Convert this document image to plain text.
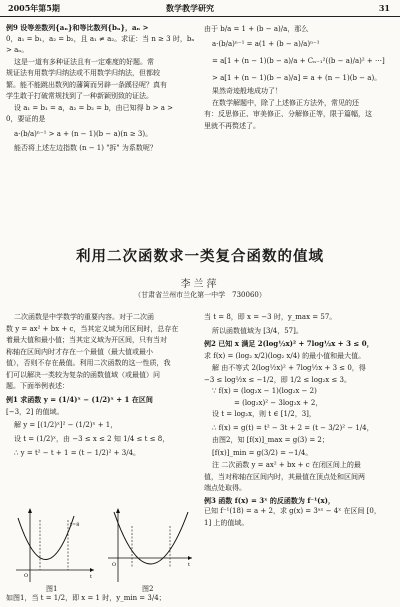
2005年第5期	数学教学研究	31

例9 设等差数列{aₙ}和等比数列{bₙ}，aₙ >

0，a₁ = b₁，a₂ = b₂，且 a₁ ≠ a₂。求证：当 n ≥ 3 时，bₙ

> aₙ。

这是一道有多种证法且有一定难度的好题。常

规证法有用数学归纳法或不用数学归纳法，但都较

繁。能不能跳出数列的藩篱而另辟一条蹊径呢？真有

学生敢于打破常规找到了一种新颖别致的证法。

设 a₁ = b₁ = a，a₂ = b₂ = b，由已知得 b > a >

0，要证的是

a·(b/a)ⁿ⁻¹ > a + (n − 1)(b − a)(n ≥ 3)。

能否将上述左边指数 (n − 1) "拆" 为系数呢？

由于 b/a = 1 + (b − a)/a，那么

a·(b/a)ⁿ⁻¹ = a(1 + (b − a)/a)ⁿ⁻¹

= a[1 + (n − 1)(b − a)/a + Cₙ₋₁²((b − a)/a)² + ⋯]

> a[1 + (n − 1)(b − a)/a] = a + (n − 1)(b − a)。

果然奇迹般地成功了！

在数学解题中，除了上述修正方法外，常见的还

有：反思修正、审美修正、分解修正等，限于篇幅，这

里就不再赘述了。

利用二次函数求一类复合函数的值域
李兰萍
（甘肃省兰州市兰化第一中学　730060）

二次函数是中学数学的重要内容。对于二次函

数 y = ax² + bx + c，当其定义域为闭区间时，总存在

着最大值和最小值；当其定义域为开区间，只有当对

称轴在区间内时才存在一个最值（最大值或最小

值），否则不存在最值。利用二次函数的这一性质，我

们可以解决一类较为复杂的函数值域（或最值）问

题。下面举例表述：

例1 求函数 y = (1/4)ˣ − (1/2)ˣ + 1 在区间

[−3，2] 的值域。

解 y = [(1/2)ˣ]² − (1/2)ˣ + 1，

设 t = (1/2)ˣ，由 −3 ≤ x ≤ 2 知 1/4 ≤ t ≤ 8，

∴ y = t² − t + 1 = (t − 1/2)² + 3/4。

t=8
O	t
图1
O	t
图2

如图1，当 t = 1/2，即 x = 1 时，y_min = 3/4；

当 t = 8，即 x = −3 时，y_max = 57。

所以函数值域为 [3/4，57]。

例2 已知 x 满足 2(log½x)² + 7log½x + 3 ≤ 0，

求 f(x) = (log₂ x/2)(log₂ x/4) 的最小值和最大值。

解 由不等式 2(log½x)² + 7log½x + 3 ≤ 0，得

−3 ≤ log½x ≤ −1/2，即 1/2 ≤ log₂x ≤ 3。

∵ f(x) = (log₂x − 1)(log₂x − 2)

= (log₂x)² − 3log₂x + 2，

设 t = log₂x，则 t ∈ [1/2，3]，

∴ f(x) = g(t) = t² − 3t + 2 = (t − 3/2)² − 1/4，

由图2，知 [f(x)]_max = g(3) = 2；

[f(x)]_min = g(3/2) = −1/4。

注 二次函数 y = ax² + bx + c 在闭区间上的最

值，当对称轴在区间内时，其最值在顶点处和区间两

端点处取得。

例3 函数 f(x) = 3ˣ 的反函数为 f⁻¹(x)，

已知 f⁻¹(18) = a + 2，求 g(x) = 3ᵃˣ − 4ˣ 在区间 [0，

1] 上的值域。
